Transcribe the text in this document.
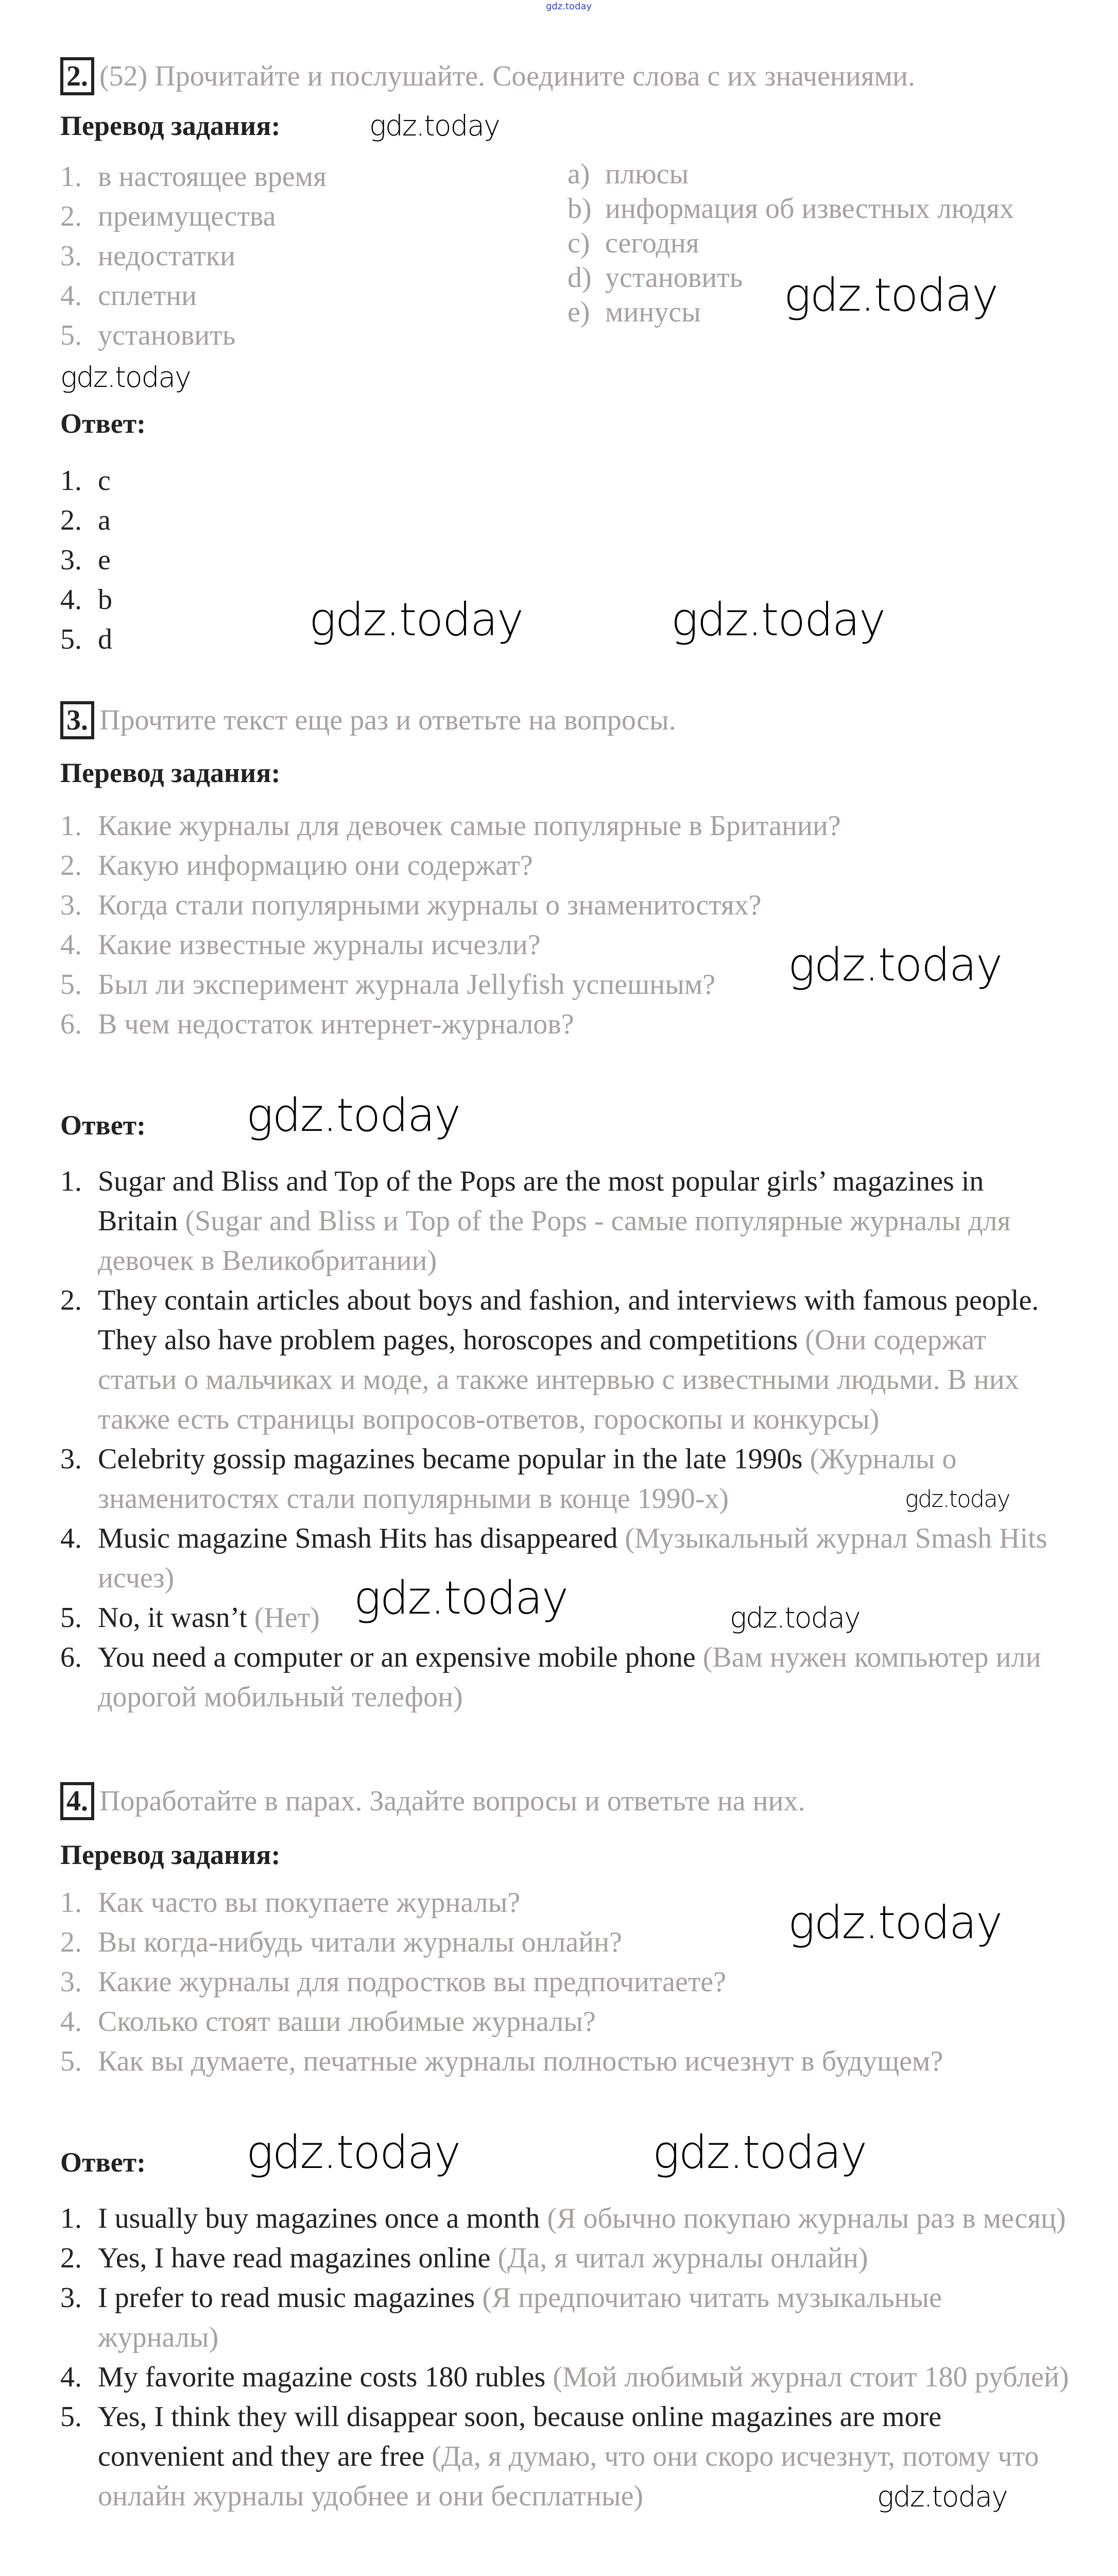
gdz.today
2. (52) Прочитайте и послушайте. Соедините слова с их значениями.
Перевод задания:	gdz.today
1. в настоящее время
2. преимущества
3. недостатки
4. сплетни
5. установить
a) плюсы
b) информация об известных людях
c) сегодня
d) установить
e) минусы	gdz.today
gdz.today
Ответ:
1. c
2. a
3. e
4. b
5. d	gdz.today	gdz.today
3. Прочтите текст еще раз и ответьте на вопросы.
Перевод задания:
1. Какие журналы для девочек самые популярные в Британии?
2. Какую информацию они содержат?
3. Когда стали популярными журналы о знаменитостях?
4. Какие известные журналы исчезли?
5. Был ли эксперимент журнала Jellyfish успешным?
6. В чем недостаток интернет-журналов?
gdz.today
Ответ: gdz.today
1. Sugar and Bliss and Top of the Pops are the most popular girls’ magazines in Britain (Sugar and Bliss и Top of the Pops - самые популярные журналы для девочек в Великобритании)
2. They contain articles about boys and fashion, and interviews with famous people. They also have problem pages, horoscopes and competitions (Они содержат статьи о мальчиках и моде, а также интервью с известными людьми. В них также есть страницы вопросов-ответов, гороскопы и конкурсы)
3. Celebrity gossip magazines became popular in the late 1990s (Журналы о знаменитостях стали популярными в конце 1990-х)	gdz.today
4. Music magazine Smash Hits has disappeared (Музыкальный журнал Smash Hits исчез)
5. No, it wasn’t (Нет) gdz.today	gdz.today
6. You need a computer or an expensive mobile phone (Вам нужен компьютер или дорогой мобильный телефон)
4. Поработайте в парах. Задайте вопросы и ответьте на них.
Перевод задания:
1. Как часто вы покупаете журналы?
2. Вы когда-нибудь читали журналы онлайн?
3. Какие журналы для подростков вы предпочитаете?
4. Сколько стоят ваши любимые журналы?
5. Как вы думаете, печатные журналы полностью исчезнут в будущем?
gdz.today
Ответ: gdz.today	gdz.today
1. I usually buy magazines once a month (Я обычно покупаю журналы раз в месяц)
2. Yes, I have read magazines online (Да, я читал журналы онлайн)
3. I prefer to read music magazines (Я предпочитаю читать музыкальные журналы)
4. My favorite magazine costs 180 rubles (Мой любимый журнал стоит 180 рублей)
5. Yes, I think they will disappear soon, because online magazines are more convenient and they are free (Да, я думаю, что они скоро исчезнут, потому что онлайн журналы удобнее и они бесплатные)	gdz.today
